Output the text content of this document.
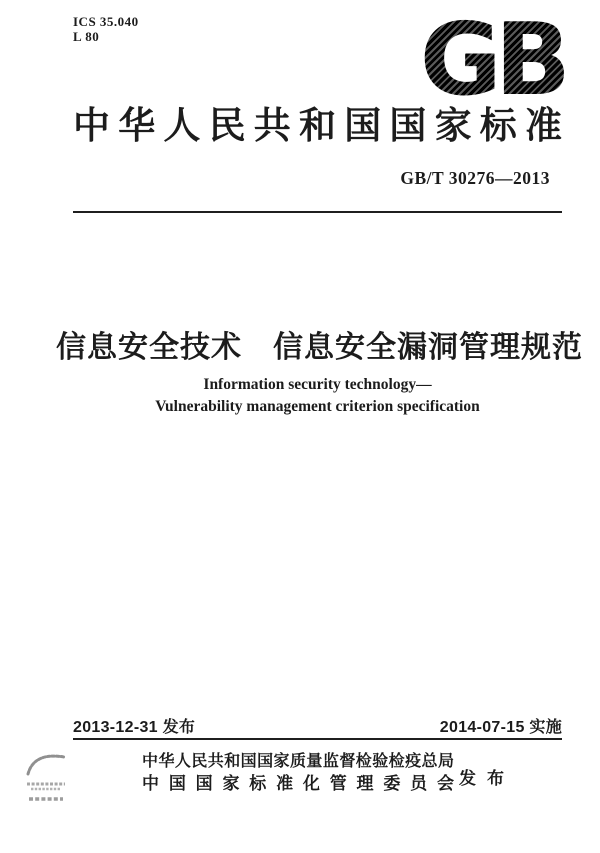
ICS 35.040
L 80	GB
中华人民共和国国家标准
GB/T 30276—2013
信息安全技术　信息安全漏洞管理规范
Information security technology—
Vulnerability management criterion specification
2013-12-31 发布	2014-07-15 实施
中华人民共和国国家质量监督检验检疫总局
中国国家标准化管理委员会 发布
